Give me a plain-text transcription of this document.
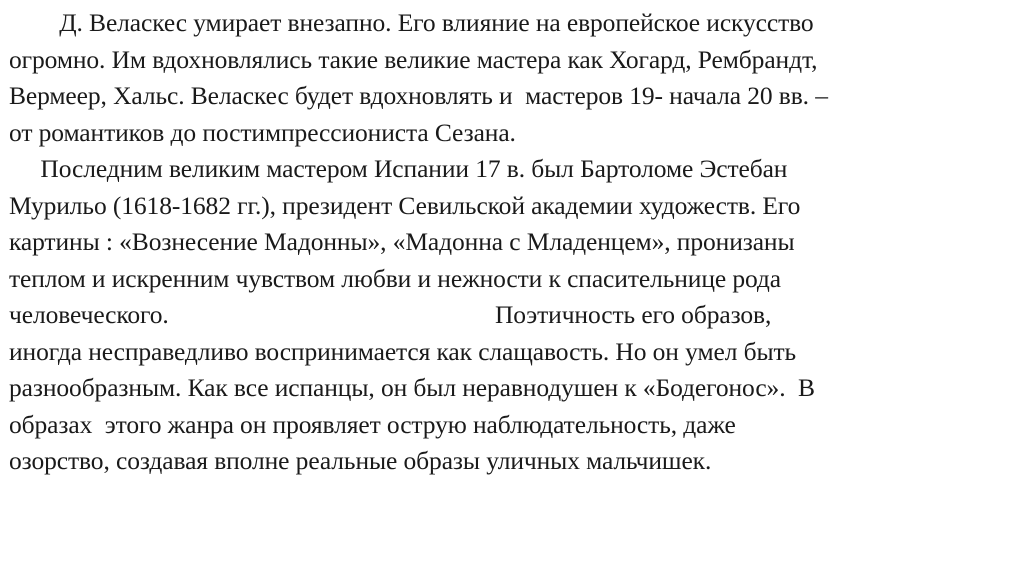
Д. Веласкес умирает внезапно. Его влияние на европейское искусство
огромно. Им вдохновлялись такие великие мастера как Хогард, Рембрандт,
Вермеер, Хальс. Веласкес будет вдохновлять и  мастеров 19- начала 20 вв. –
от романтиков до постимпрессиониста Сезана.
Последним великим мастером Испании 17 в. был Бартоломе Эстебан
Мурильо (1618-1682 гг.), президент Севильской академии художеств. Его
картины : «Вознесение Мадонны», «Мадонна с Младенцем», пронизаны
теплом и искренним чувством любви и нежности к спасительнице рода
человеческого.                                                    Поэтичность его образов,
иногда несправедливо воспринимается как слащавость. Но он умел быть
разнообразным. Как все испанцы, он был неравнодушен к «Бодегонос».  В
образах  этого жанра он проявляет острую наблюдательность, даже
озорство, создавая вполне реальные образы уличных мальчишек.
